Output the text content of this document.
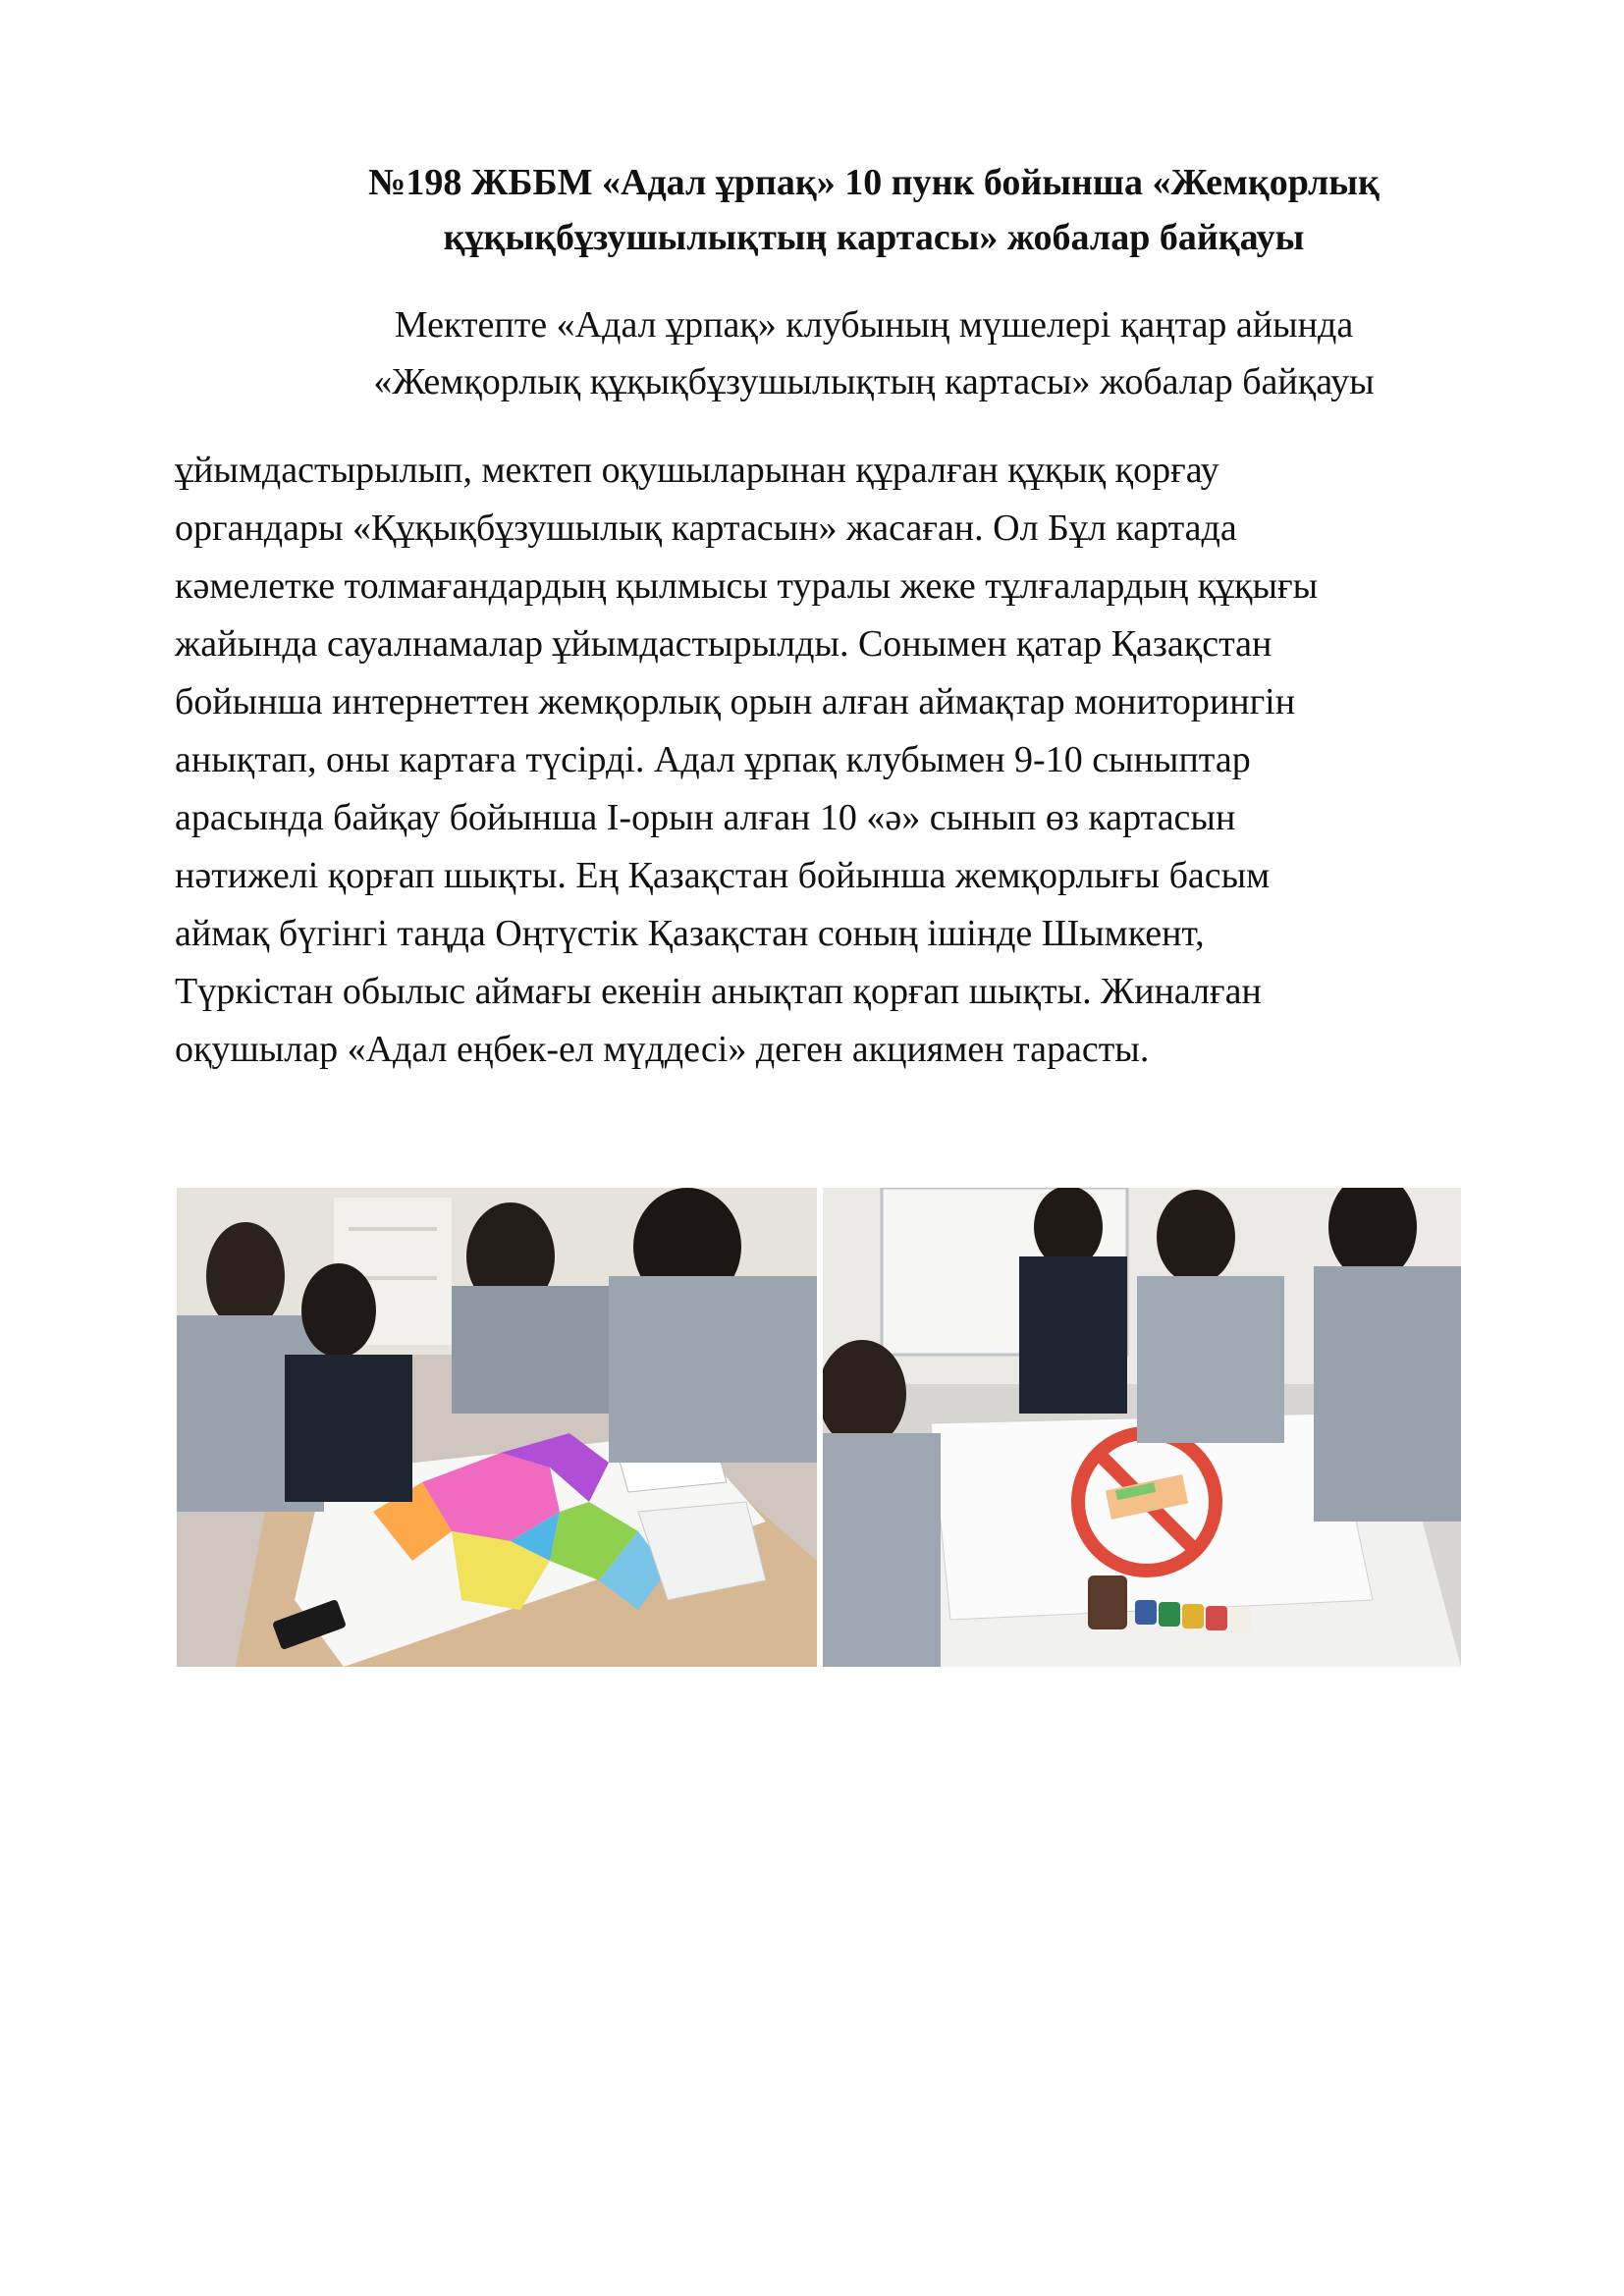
№198 ЖББМ «Адал ұрпақ» 10 пунк бойынша «Жемқорлық
құқықбұзушылықтың картасы» жобалар байқауы

Мектепте «Адал ұрпақ» клубының мүшелері қаңтар айында
«Жемқорлық құқықбұзушылықтың картасы» жобалар байқауы

ұйымдастырылып, мектеп оқушыларынан құралған құқық қорғау
органдары «Құқықбұзушылық картасын» жасаған. Ол Бұл картада
кәмелетке толмағандардың қылмысы туралы жеке тұлғалардың құқығы
жайында сауалнамалар ұйымдастырылды. Сонымен қатар Қазақстан
бойынша интернеттен жемқорлық орын алған аймақтар мониторингін
анықтап, оны картаға түсірді. Адал ұрпақ клубымен 9-10 сыныптар
арасында байқау бойынша І-орын алған 10 «ә» сынып өз картасын
нәтижелі қорғап шықты. Ең Қазақстан бойынша жемқорлығы басым
аймақ бүгінгі таңда Оңтүстік Қазақстан соның ішінде Шымкент,
Түркістан обылыс аймағы екенін анықтап қорғап шықты. Жиналған
оқушылар «Адал еңбек-ел мүддесі» деген акциямен тарасты.
